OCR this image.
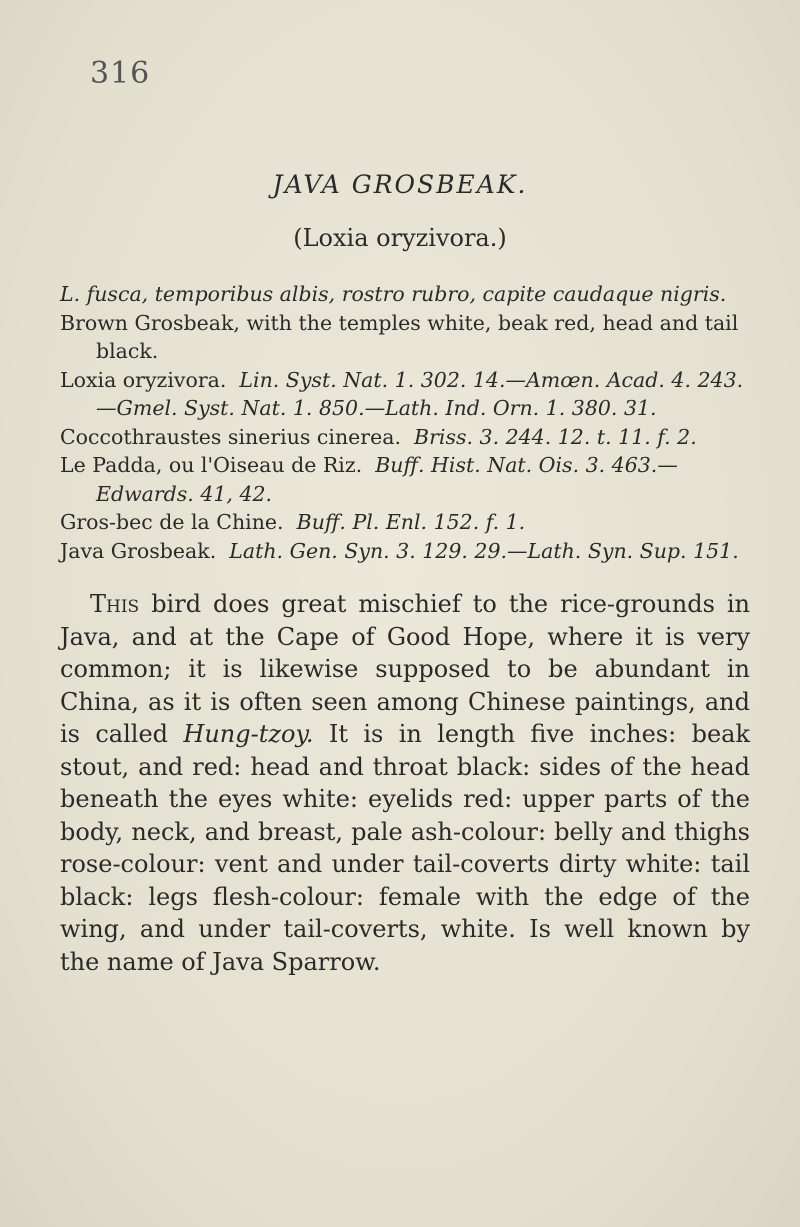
316
JAVA GROSBEAK.
(Loxia oryzivora.)

L. fusca, temporibus albis, rostro rubro, capite caudaque nigris.

Brown Grosbeak, with the temples white, beak red, head and tail black.

Loxia oryzivora. Lin. Syst. Nat. 1. 302. 14.—Amœn. Acad. 4. 243.—Gmel. Syst. Nat. 1. 850.—Lath. Ind. Orn. 1. 380. 31.

Coccothraustes sinerius cinerea. Briss. 3. 244. 12. t. 11. f. 2.

Le Padda, ou l'Oiseau de Riz. Buff. Hist. Nat. Ois. 3. 463.—Edwards. 41, 42.

Gros-bec de la Chine. Buff. Pl. Enl. 152. f. 1.

Java Grosbeak. Lath. Gen. Syn. 3. 129. 29.—Lath. Syn. Sup. 151.

This bird does great mischief to the rice-grounds in Java, and at the Cape of Good Hope, where it is very common; it is likewise supposed to be abundant in China, as it is often seen among Chinese paintings, and is called Hung-tzoy. It is in length five inches: beak stout, and red: head and throat black: sides of the head beneath the eyes white: eyelids red: upper parts of the body, neck, and breast, pale ash-colour: belly and thighs rose-colour: vent and under tail-coverts dirty white: tail black: legs flesh-colour: female with the edge of the wing, and under tail-coverts, white. Is well known by the name of Java Sparrow.
